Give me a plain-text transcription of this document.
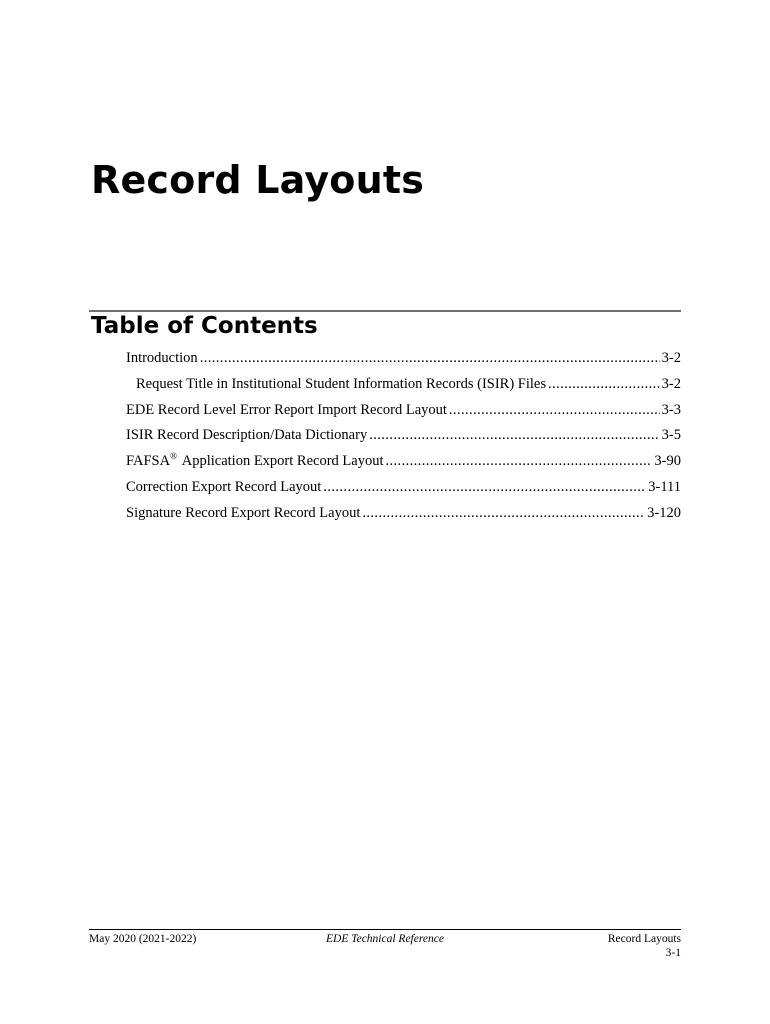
Record Layouts
Table of Contents
Introduction .....	3-2
Request Title in Institutional Student Information Records (ISIR) Files .....	3-2
EDE Record Level Error Report Import Record Layout .....	3-3
ISIR Record Description/Data Dictionary .....	3-5
FAFSA® Application Export Record Layout .....	3-90
Correction Export Record Layout .....	3-111
Signature Record Export Record Layout .....	3-120
May 2020 (2021-2022)	EDE Technical Reference	Record Layouts
3-1
